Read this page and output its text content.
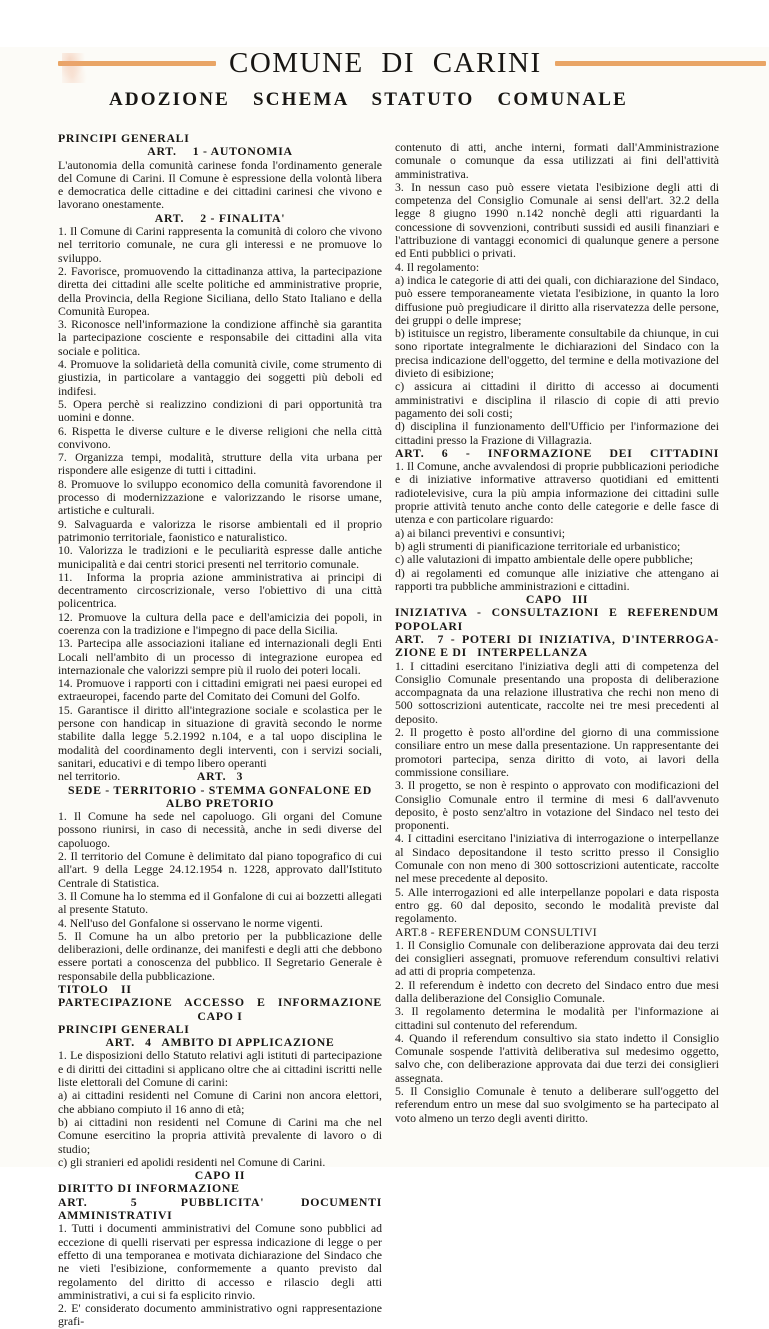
COMUNE DI CARINI
ADOZIONE SCHEMA STATUTO COMUNALE
PRINCIPI GENERALI
ART.  1 - AUTONOMIA
L'autonomia della comunità carinese fonda l'ordinamento generale del Comune di Carini. Il Comune è espressione della volontà libera e democratica delle cittadine e dei cittadini carinesi che vivono e lavorano onestamente.
ART.  2 - FINALITA'
1. Il Comune di Carini rappresenta la comunità di coloro che vivono nel territorio comunale, ne cura gli interessi e ne promuove lo sviluppo.
2. Favorisce, promuovendo la cittadinanza attiva, la partecipazione diretta dei cittadini alle scelte politiche ed amministrative proprie, della Provincia, della Regione Siciliana, dello Stato Italiano e della Comunità Europea.
3. Riconosce nell'informazione la condizione affinchè sia garantita la partecipazione cosciente e responsabile dei cittadini alla vita sociale e politica.
4. Promuove la solidarietà della comunità civile, come strumento di giustizia, in particolare a vantaggio dei soggetti più deboli ed indifesi.
5. Opera perchè si realizzino condizioni di pari opportunità tra uomini e donne.
6. Rispetta le diverse culture e le diverse religioni che nella città convivono.
7. Organizza tempi, modalità, strutture della vita urbana per rispondere alle esigenze di tutti i cittadini.
8. Promuove lo sviluppo economico della comunità favorendone il processo di modernizzazione e valorizzando le risorse umane, artistiche e culturali.
9. Salvaguarda e valorizza le risorse ambientali ed il proprio patrimonio territoriale, faonistico e naturalistico.
10. Valorizza le tradizioni e le peculiarità espresse dalle antiche municipalità e dai centri storici presenti nel territorio comunale.
11.  Informa la propria azione amministrativa ai principi di decentramento circoscrizionale, verso l'obiettivo di una città policentrica.
12. Promuove la cultura della pace e dell'amicizia dei popoli, in coerenza con la tradizione e l'impegno di pace della Sicilia.
13. Partecipa alle associazioni italiane ed internazionali degli Enti Locali nell'ambito di un processo di integrazione europea ed internazionale che valorizzi sempre più il ruolo dei poteri locali.
14. Promuove i rapporti con i cittadini emigrati nei paesi europei ed extraeuropei, facendo parte del Comitato dei Comuni del Golfo.
15. Garantisce il diritto all'integrazione sociale e scolastica per le persone con handicap in situazione di gravità secondo le norme stabilite dalla legge 5.2.1992 n.104, e a tal uopo disciplina le modalità del coordinamento degli interventi, con i servizi sociali, sanitari, educativi e di tempo libero operanti
nel territorio.	ART.  3
SEDE - TERRITORIO - STEMMA GONFALONE ED ALBO PRETORIO
1. Il Comune ha sede nel capoluogo. Gli organi del Comune possono riunirsi, in caso di necessità, anche in sedi diverse del capoluogo.
2. Il territorio del Comune è delimitato dal piano topografico di cui all'art. 9 della Legge 24.12.1954 n. 1228, approvato dall'Istituto Centrale di Statistica.
3. Il Comune ha lo stemma ed il Gonfalone di cui ai bozzetti allegati al presente Statuto.
4. Nell'uso del Gonfalone si osservano le norme vigenti.
5. Il Comune ha un albo pretorio per la pubblicazione delle deliberazioni, delle ordinanze, dei manifesti e degli atti che debbono essere portati a conoscenza del pubblico. Il Segretario Generale è responsabile della pubblicazione.
TITOLO II
PARTECIPAZIONE ACCESSO E INFORMAZIONE
CAPO I
PRINCIPI GENERALI
ART.  4  AMBITO DI APPLICAZIONE
1. Le disposizioni dello Statuto relativi agli istituti di partecipazione e di diritti dei cittadini si applicano oltre che ai cittadini iscritti nelle liste elettorali del Comune di carini:
a) ai cittadini residenti nel Comune di Carini non ancora elettori, che abbiano compiuto il 16 anno di età;
b) ai cittadini non residenti nel Comune di Carini ma che nel Comune esercitino la propria attività prevalente di lavoro o di studio;
c) gli stranieri ed apolidi residenti nel Comune di Carini.
CAPO II
DIRITTO DI INFORMAZIONE
ART.  5  PUBBLICITA' DOCUMENTI AMMINISTRATIVI
1. Tutti i documenti amministrativi del Comune sono pubblici ad eccezione di quelli riservati per espressa indicazione di legge o per effetto di una temporanea e motivata dichiarazione del Sindaco che ne vieti l'esibizione, conformemente a quanto previsto dal regolamento del diritto di accesso e rilascio degli atti amministrativi, a cui si fa esplicito rinvio.
2. E' considerato documento amministrativo ogni rappresentazione grafi-
contenuto di atti, anche interni, formati dall'Amministrazione comunale o comunque da essa utilizzati ai fini dell'attività amministrativa.
3. In nessun caso può essere vietata l'esibizione degli atti di competenza del Consiglio Comunale ai sensi dell'art. 32.2 della legge 8 giugno 1990 n.142 nonchè degli atti riguardanti la concessione di sovvenzioni, contributi sussidi ed ausili finanziari e l'attribuzione di vantaggi economici di qualunque genere a persone ed Enti pubblici o privati.
4. Il regolamento:
a) indica le categorie di atti dei quali, con dichiarazione del Sindaco, può essere temporaneamente vietata l'esibizione, in quanto la loro diffusione può pregiudicare il diritto alla riservatezza delle persone, dei gruppi o delle imprese;
b) istituisce un registro, liberamente consultabile da chiunque, in cui sono riportate integralmente le dichiarazioni del Sindaco con la precisa indicazione dell'oggetto, del termine e della motivazione del divieto di esibizione;
c) assicura ai cittadini il diritto di accesso ai documenti amministrativi e disciplina il rilascio di copie di atti previo pagamento dei soli costi;
d) disciplina il funzionamento dell'Ufficio per l'informazione dei cittadini presso la Frazione di Villagrazia.
ART. 6 - INFORMAZIONE DEI CITTADINI
1. Il Comune, anche avvalendosi di proprie pubblicazioni periodiche e di iniziative informative attraverso quotidiani ed emittenti radiotelevisive, cura la più ampia informazione dei cittadini sulle proprie attività tenuto anche conto delle categorie e delle fasce di utenza e con particolare riguardo:
a) ai bilanci preventivi e consuntivi;
b) agli strumenti di pianificazione territoriale ed urbanistico;
c) alle valutazioni di impatto ambientale delle opere pubbliche;
d) ai regolamenti ed comunque alle iniziative che attengano ai rapporti tra pubbliche amministrazioni e cittadini.
CAPO  III
INIZIATIVA - CONSULTAZIONI E REFERENDUM POPOLARI
ART.  7 - POTERI DI INIZIATIVA, D'INTERROGA-ZIONE E DI  INTERPELLANZA
1. I cittadini esercitano l'iniziativa degli atti di competenza del Consiglio Comunale presentando una proposta di deliberazione accompagnata da una relazione illustrativa che rechi non meno di 500 sottoscrizioni autenticate, raccolte nei tre mesi precedenti al deposito.
2. Il progetto è posto all'ordine del giorno di una commissione consiliare entro un mese dalla presentazione. Un rappresentante dei promotori partecipa, senza diritto di voto, ai lavori della commissione consiliare.
3. Il progetto, se non è respinto o approvato con modificazioni del Consiglio Comunale entro il termine di mesi 6 dall'avvenuto deposito, è posto senz'altro in votazione del Sindaco nel testo dei proponenti.
4. I cittadini esercitano l'iniziativa di interrogazione o interpellanze al Sindaco depositandone il testo scritto presso il Consiglio Comunale con non meno di 300 sottoscrizioni autenticate, raccolte nel mese precedente al deposito.
5. Alle interrogazioni ed alle interpellanze popolari e data risposta entro gg. 60 dal deposito, secondo le modalità previste dal regolamento.
ART.8 - REFERENDUM CONSULTIVI
1. Il Consiglio Comunale con deliberazione approvata dai deu terzi dei consiglieri assegnati, promuove referendum consultivi relativi ad atti di propria competenza.
2. Il referendum è indetto con decreto del Sindaco entro due mesi dalla deliberazione del Consiglio Comunale.
3. Il regolamento determina le modalità per l'informazione ai cittadini sul contenuto del referendum.
4. Quando il referendum consultivo sia stato indetto il Consiglio Comunale sospende l'attività deliberativa sul medesimo oggetto, salvo che, con deliberazione approvata dai due terzi dei consiglieri assegnata.
5. Il Consiglio Comunale è tenuto a deliberare sull'oggetto del referendum entro un mese dal suo svolgimento se ha partecipato al voto almeno un terzo degli aventi diritto.
